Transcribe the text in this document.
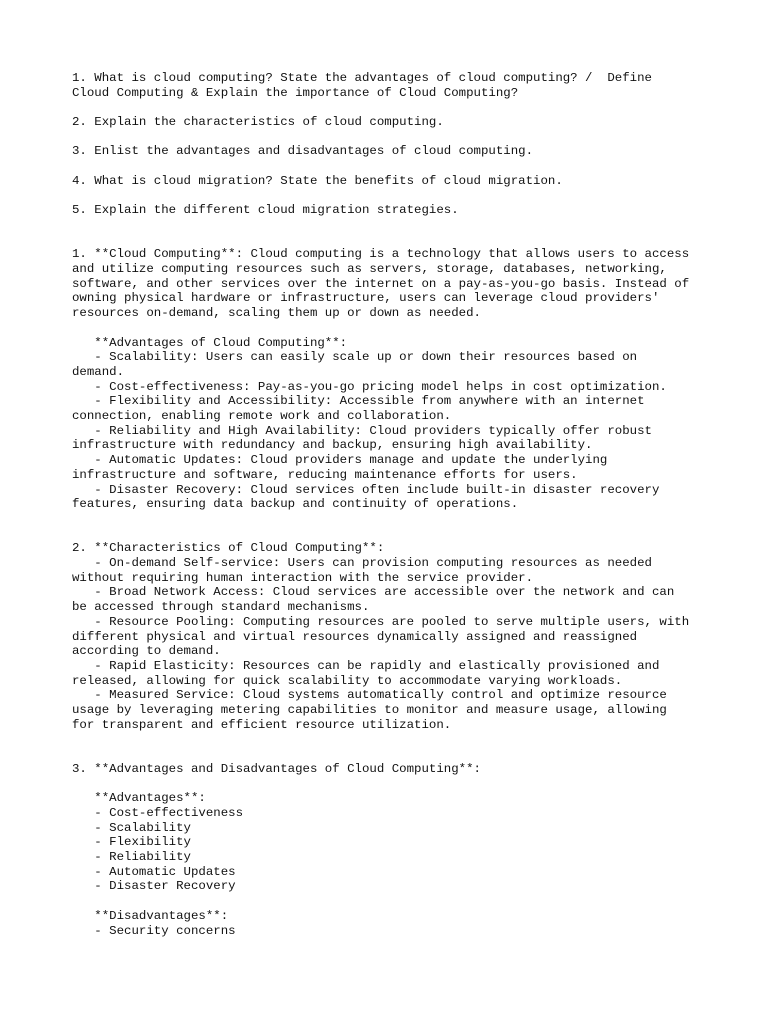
1. What is cloud computing? State the advantages of cloud computing? /  Define
Cloud Computing & Explain the importance of Cloud Computing?
2. Explain the characteristics of cloud computing.
3. Enlist the advantages and disadvantages of cloud computing.
4. What is cloud migration? State the benefits of cloud migration.
5. Explain the different cloud migration strategies.
1. **Cloud Computing**: Cloud computing is a technology that allows users to access
and utilize computing resources such as servers, storage, databases, networking,
software, and other services over the internet on a pay-as-you-go basis. Instead of
owning physical hardware or infrastructure, users can leverage cloud providers'
resources on-demand, scaling them up or down as needed.
**Advantages of Cloud Computing**:
- Scalability: Users can easily scale up or down their resources based on
demand.
- Cost-effectiveness: Pay-as-you-go pricing model helps in cost optimization.
- Flexibility and Accessibility: Accessible from anywhere with an internet
connection, enabling remote work and collaboration.
- Reliability and High Availability: Cloud providers typically offer robust
infrastructure with redundancy and backup, ensuring high availability.
- Automatic Updates: Cloud providers manage and update the underlying
infrastructure and software, reducing maintenance efforts for users.
- Disaster Recovery: Cloud services often include built-in disaster recovery
features, ensuring data backup and continuity of operations.
2. **Characteristics of Cloud Computing**:
- On-demand Self-service: Users can provision computing resources as needed
without requiring human interaction with the service provider.
- Broad Network Access: Cloud services are accessible over the network and can
be accessed through standard mechanisms.
- Resource Pooling: Computing resources are pooled to serve multiple users, with
different physical and virtual resources dynamically assigned and reassigned
according to demand.
- Rapid Elasticity: Resources can be rapidly and elastically provisioned and
released, allowing for quick scalability to accommodate varying workloads.
- Measured Service: Cloud systems automatically control and optimize resource
usage by leveraging metering capabilities to monitor and measure usage, allowing
for transparent and efficient resource utilization.
3. **Advantages and Disadvantages of Cloud Computing**:
**Advantages**:
- Cost-effectiveness
- Scalability
- Flexibility
- Reliability
- Automatic Updates
- Disaster Recovery
**Disadvantages**:
- Security concerns
